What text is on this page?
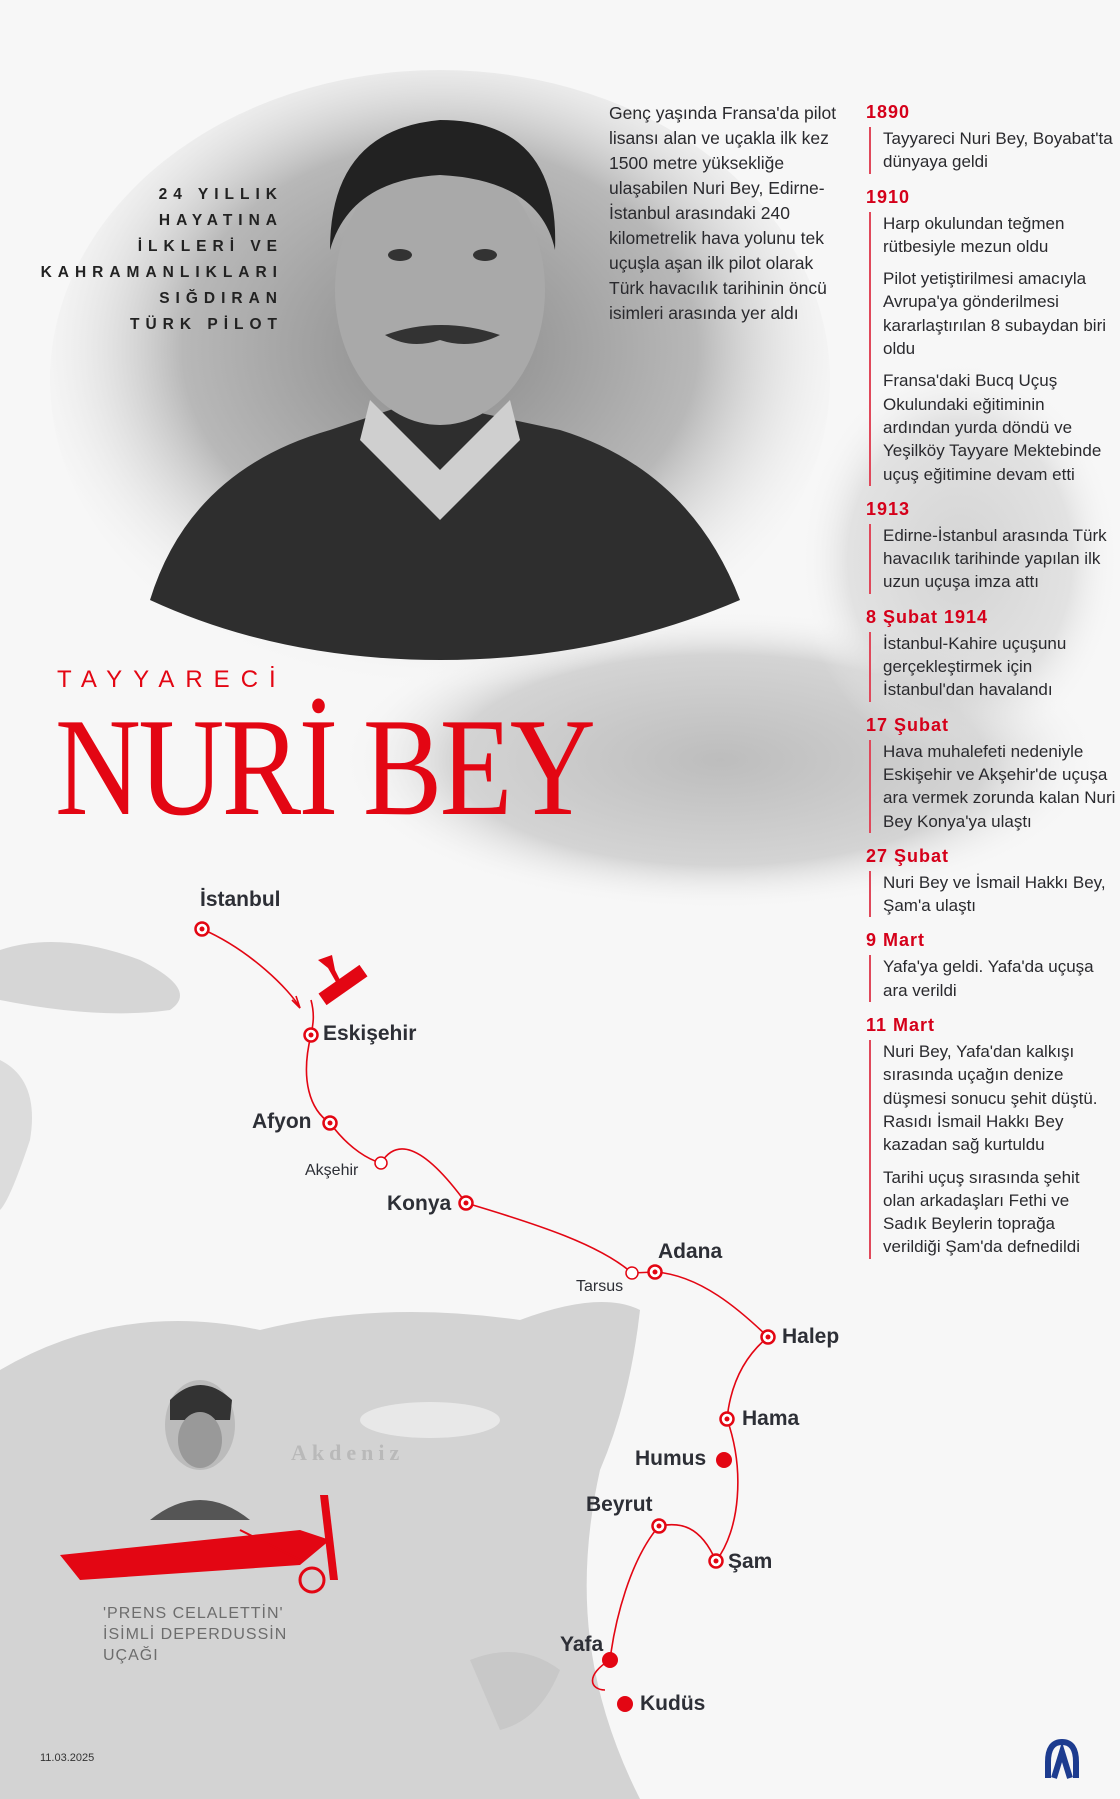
24 YILLIK
HAYATINA
İLKLERİ VE
KAHRAMANLIKLARI
SIĞDIRAN
TÜRK PİLOT
Genç yaşında Fransa'da pilot lisansı alan ve uçakla ilk kez 1500 metre yüksekliğe ulaşabilen Nuri Bey, Edirne-İstanbul arasındaki 240 kilometrelik hava yolunu tek uçuşla aşan ilk pilot olarak Türk havacılık tarihinin öncü isimleri arasında yer aldı
TAYYARECİ
NURİ BEY
1890

Tayyareci Nuri Bey, Boyabat'ta dünyaya geldi

1910

Harp okulundan teğmen rütbesiyle mezun oldu

Pilot yetiştirilmesi amacıyla Avrupa'ya gönderilmesi kararlaştırılan 8 subaydan biri oldu

Fransa'daki Bucq Uçuş Okulundaki eğitiminin ardından yurda döndü ve Yeşilköy Tayyare Mektebinde uçuş eğitimine devam etti

1913

Edirne-İstanbul arasında Türk havacılık tarihinde yapılan ilk uzun uçuşa imza attı

8 Şubat 1914

İstanbul-Kahire uçuşunu gerçekleştirmek için İstanbul'dan havalandı

17 Şubat

Hava muhalefeti nedeniyle Eskişehir ve Akşehir'de uçuşa ara vermek zorunda kalan Nuri Bey Konya'ya ulaştı

27 Şubat

Nuri Bey ve İsmail Hakkı Bey, Şam'a ulaştı

9 Mart

Yafa'ya geldi. Yafa'da uçuşa ara verildi

11 Mart

Nuri Bey, Yafa'dan kalkışı sırasında uçağın denize düşmesi sonucu şehit düştü. Rasıdı İsmail Hakkı Bey kazadan sağ kurtuldu

Tarihi uçuş sırasında şehit olan arkadaşları Fethi ve Sadık Beylerin toprağa verildiği Şam'da defnedildi

İstanbul
Eskişehir
Afyon
Akşehir
Konya
Tarsus
Adana
Halep
Hama
Humus
Beyrut
Şam
Yafa
Kudüs
Akdeniz
'PRENS CELALETTİN'
İSİMLİ DEPERDUSSİN
UÇAĞI
11.03.2025
